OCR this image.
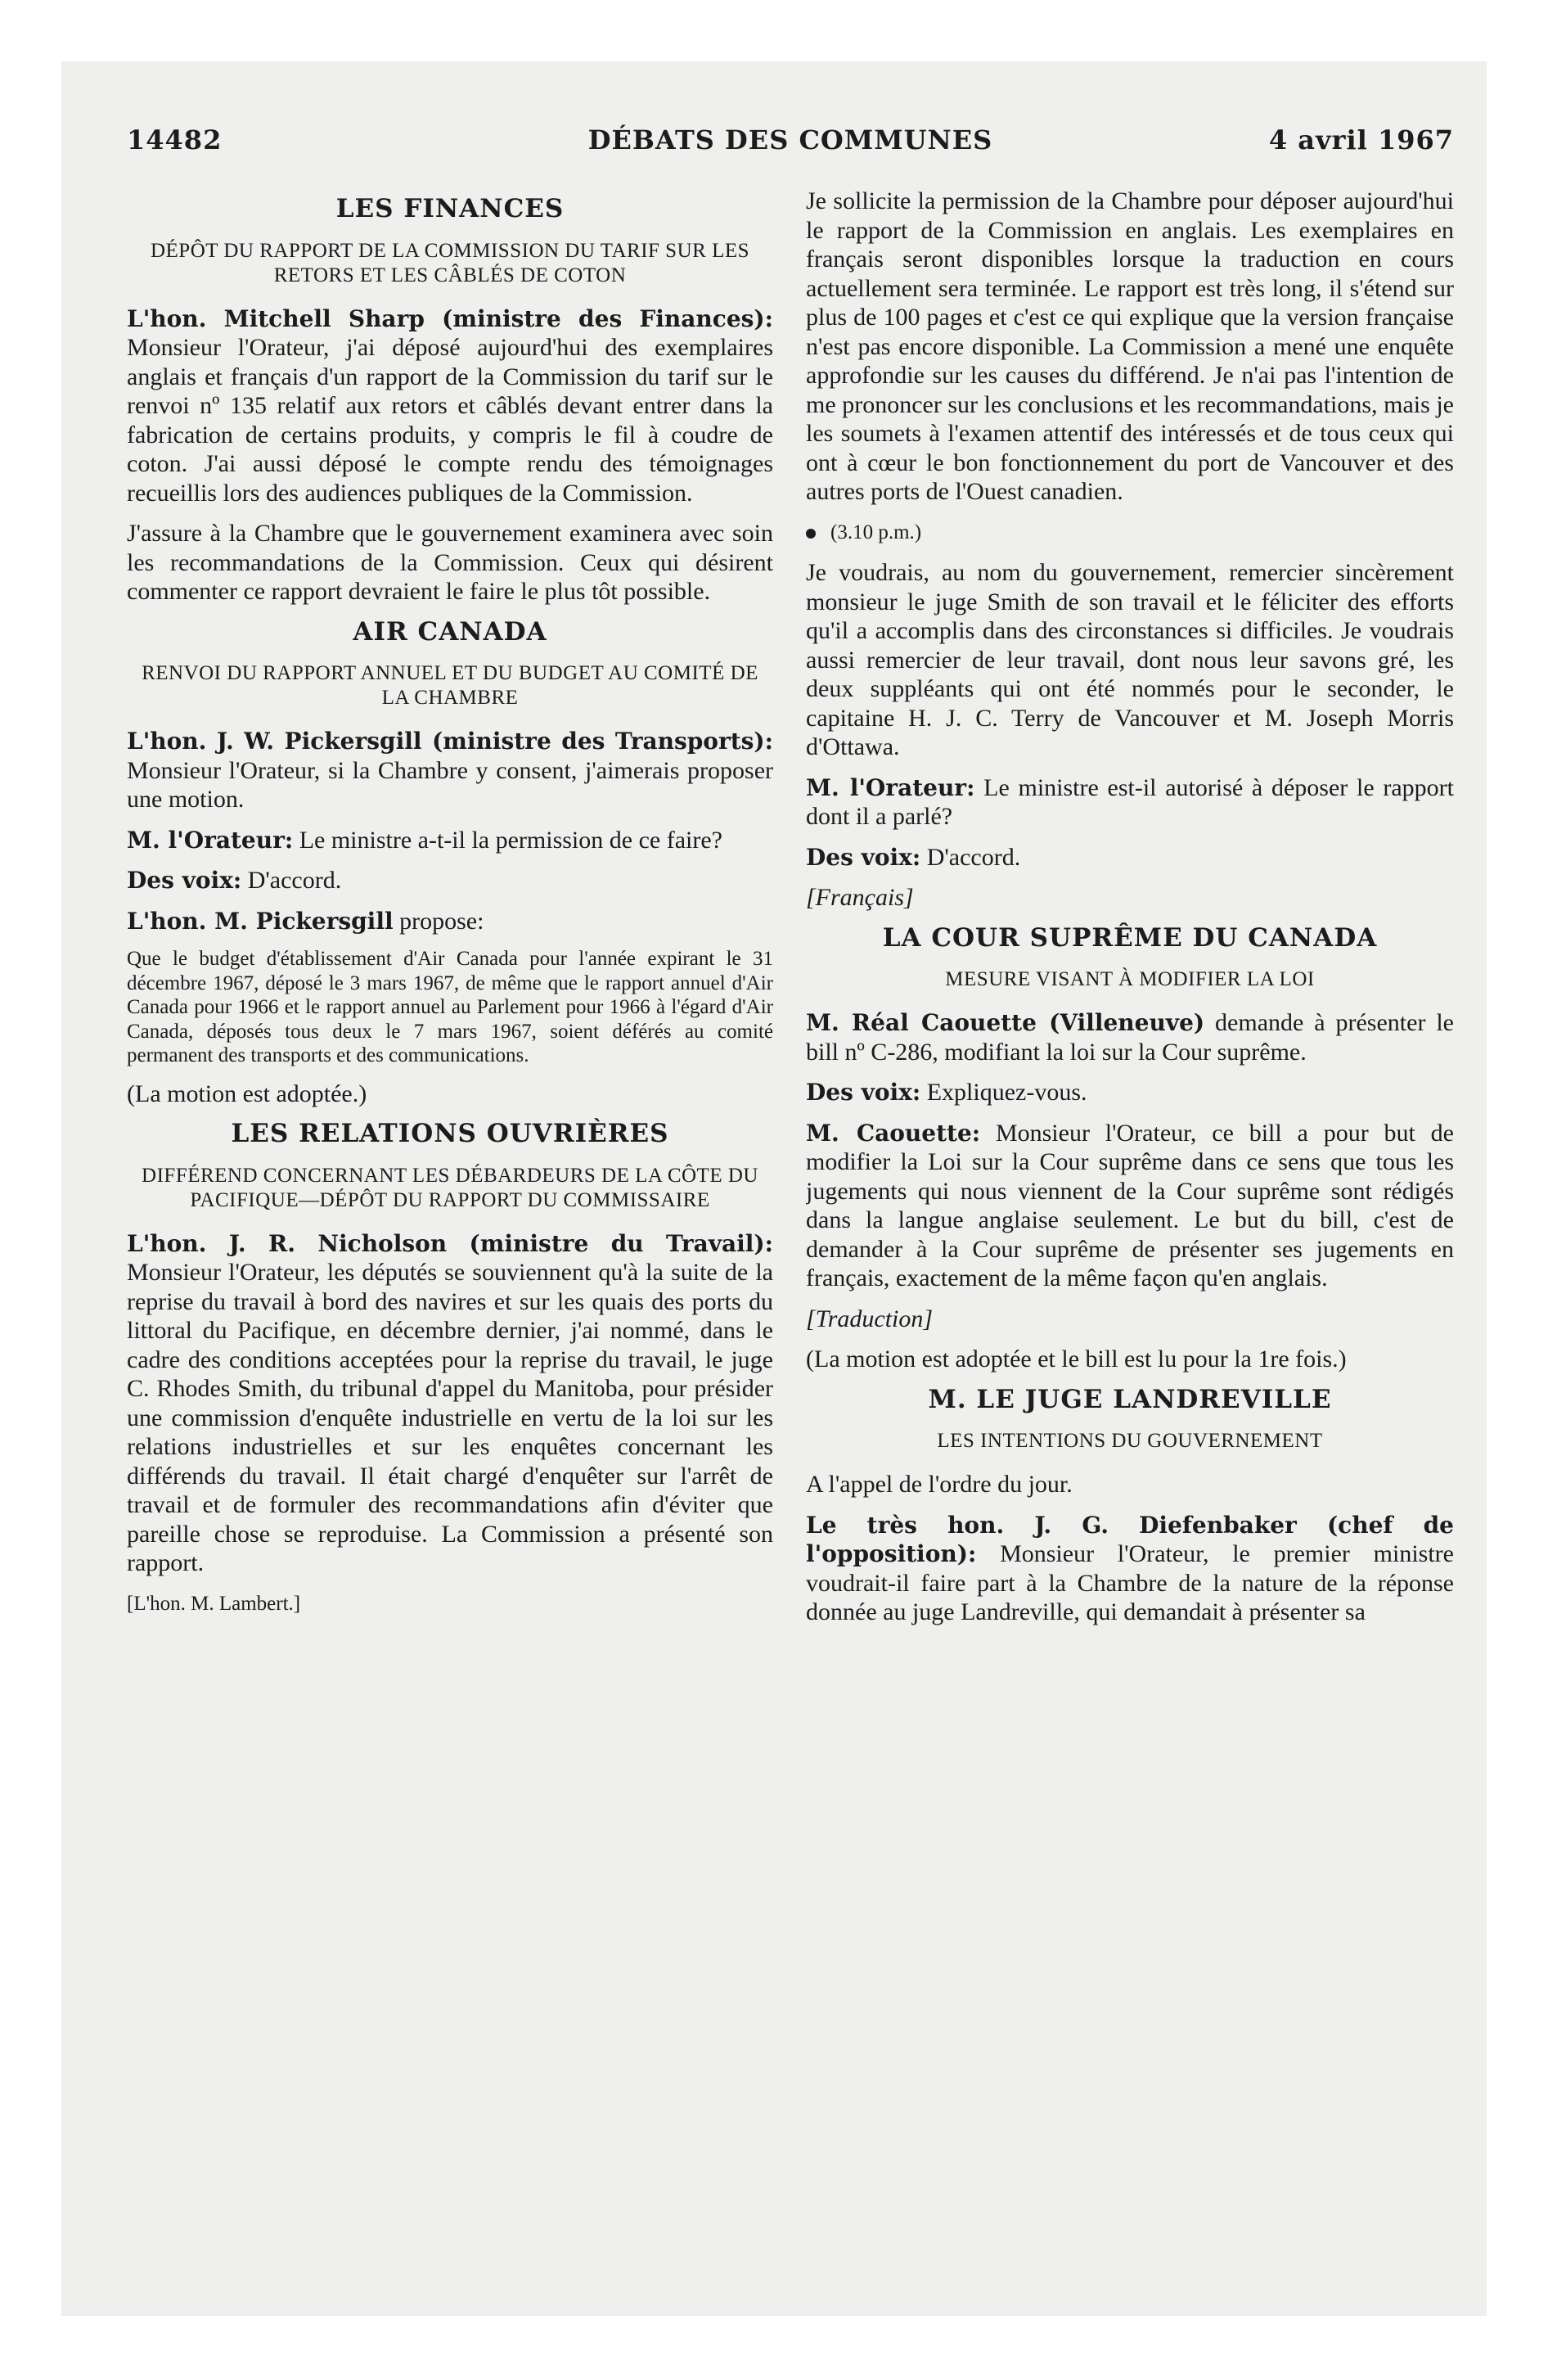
14482	DÉBATS DES COMMUNES	4 avril 1967
LES FINANCES
DÉPÔT DU RAPPORT DE LA COMMISSION DU TARIF SUR LES RETORS ET LES CÂBLÉS DE COTON

L'hon. Mitchell Sharp (ministre des Finances): Monsieur l'Orateur, j'ai déposé aujourd'hui des exemplaires anglais et français d'un rapport de la Commission du tarif sur le renvoi nº 135 relatif aux retors et câblés devant entrer dans la fabrication de certains produits, y compris le fil à coudre de coton. J'ai aussi déposé le compte rendu des témoignages recueillis lors des audiences publiques de la Commission.

J'assure à la Chambre que le gouvernement examinera avec soin les recommandations de la Commission. Ceux qui désirent commenter ce rapport devraient le faire le plus tôt possible.

AIR CANADA
RENVOI DU RAPPORT ANNUEL ET DU BUDGET AU COMITÉ DE LA CHAMBRE

L'hon. J. W. Pickersgill (ministre des Transports): Monsieur l'Orateur, si la Chambre y consent, j'aimerais proposer une motion.

M. l'Orateur: Le ministre a-t-il la permission de ce faire?

Des voix: D'accord.

L'hon. M. Pickersgill propose:

Que le budget d'établissement d'Air Canada pour l'année expirant le 31 décembre 1967, déposé le 3 mars 1967, de même que le rapport annuel d'Air Canada pour 1966 et le rapport annuel au Parlement pour 1966 à l'égard d'Air Canada, déposés tous deux le 7 mars 1967, soient déférés au comité permanent des transports et des communications.

(La motion est adoptée.)

LES RELATIONS OUVRIÈRES
DIFFÉREND CONCERNANT LES DÉBARDEURS DE LA CÔTE DU PACIFIQUE—DÉPÔT DU RAPPORT DU COMMISSAIRE

L'hon. J. R. Nicholson (ministre du Travail): Monsieur l'Orateur, les députés se souviennent qu'à la suite de la reprise du travail à bord des navires et sur les quais des ports du littoral du Pacifique, en décembre dernier, j'ai nommé, dans le cadre des conditions acceptées pour la reprise du travail, le juge C. Rhodes Smith, du tribunal d'appel du Manitoba, pour présider une commission d'enquête industrielle en vertu de la loi sur les relations industrielles et sur les enquêtes concernant les différends du travail. Il était chargé d'enquêter sur l'arrêt de travail et de formuler des recommandations afin d'éviter que pareille chose se reproduise. La Commission a présenté son rapport.

[L'hon. M. Lambert.]

Je sollicite la permission de la Chambre pour déposer aujourd'hui le rapport de la Commission en anglais. Les exemplaires en français seront disponibles lorsque la traduction en cours actuellement sera terminée. Le rapport est très long, il s'étend sur plus de 100 pages et c'est ce qui explique que la version française n'est pas encore disponible. La Commission a mené une enquête approfondie sur les causes du différend. Je n'ai pas l'intention de me prononcer sur les conclusions et les recommandations, mais je les soumets à l'examen attentif des intéressés et de tous ceux qui ont à cœur le bon fonctionnement du port de Vancouver et des autres ports de l'Ouest canadien.

(3.10 p.m.)

Je voudrais, au nom du gouvernement, remercier sincèrement monsieur le juge Smith de son travail et le féliciter des efforts qu'il a accomplis dans des circonstances si difficiles. Je voudrais aussi remercier de leur travail, dont nous leur savons gré, les deux suppléants qui ont été nommés pour le seconder, le capitaine H. J. C. Terry de Vancouver et M. Joseph Morris d'Ottawa.

M. l'Orateur: Le ministre est-il autorisé à déposer le rapport dont il a parlé?

Des voix: D'accord.

[Français]

LA COUR SUPRÊME DU CANADA
MESURE VISANT À MODIFIER LA LOI

M. Réal Caouette (Villeneuve) demande à présenter le bill nº C-286, modifiant la loi sur la Cour suprême.

Des voix: Expliquez-vous.

M. Caouette: Monsieur l'Orateur, ce bill a pour but de modifier la Loi sur la Cour suprême dans ce sens que tous les jugements qui nous viennent de la Cour suprême sont rédigés dans la langue anglaise seulement. Le but du bill, c'est de demander à la Cour suprême de présenter ses jugements en français, exactement de la même façon qu'en anglais.

[Traduction]

(La motion est adoptée et le bill est lu pour la 1re fois.)

M. LE JUGE LANDREVILLE
LES INTENTIONS DU GOUVERNEMENT

A l'appel de l'ordre du jour.

Le très hon. J. G. Diefenbaker (chef de l'opposition): Monsieur l'Orateur, le premier ministre voudrait-il faire part à la Chambre de la nature de la réponse donnée au juge Landreville, qui demandait à présenter sa
